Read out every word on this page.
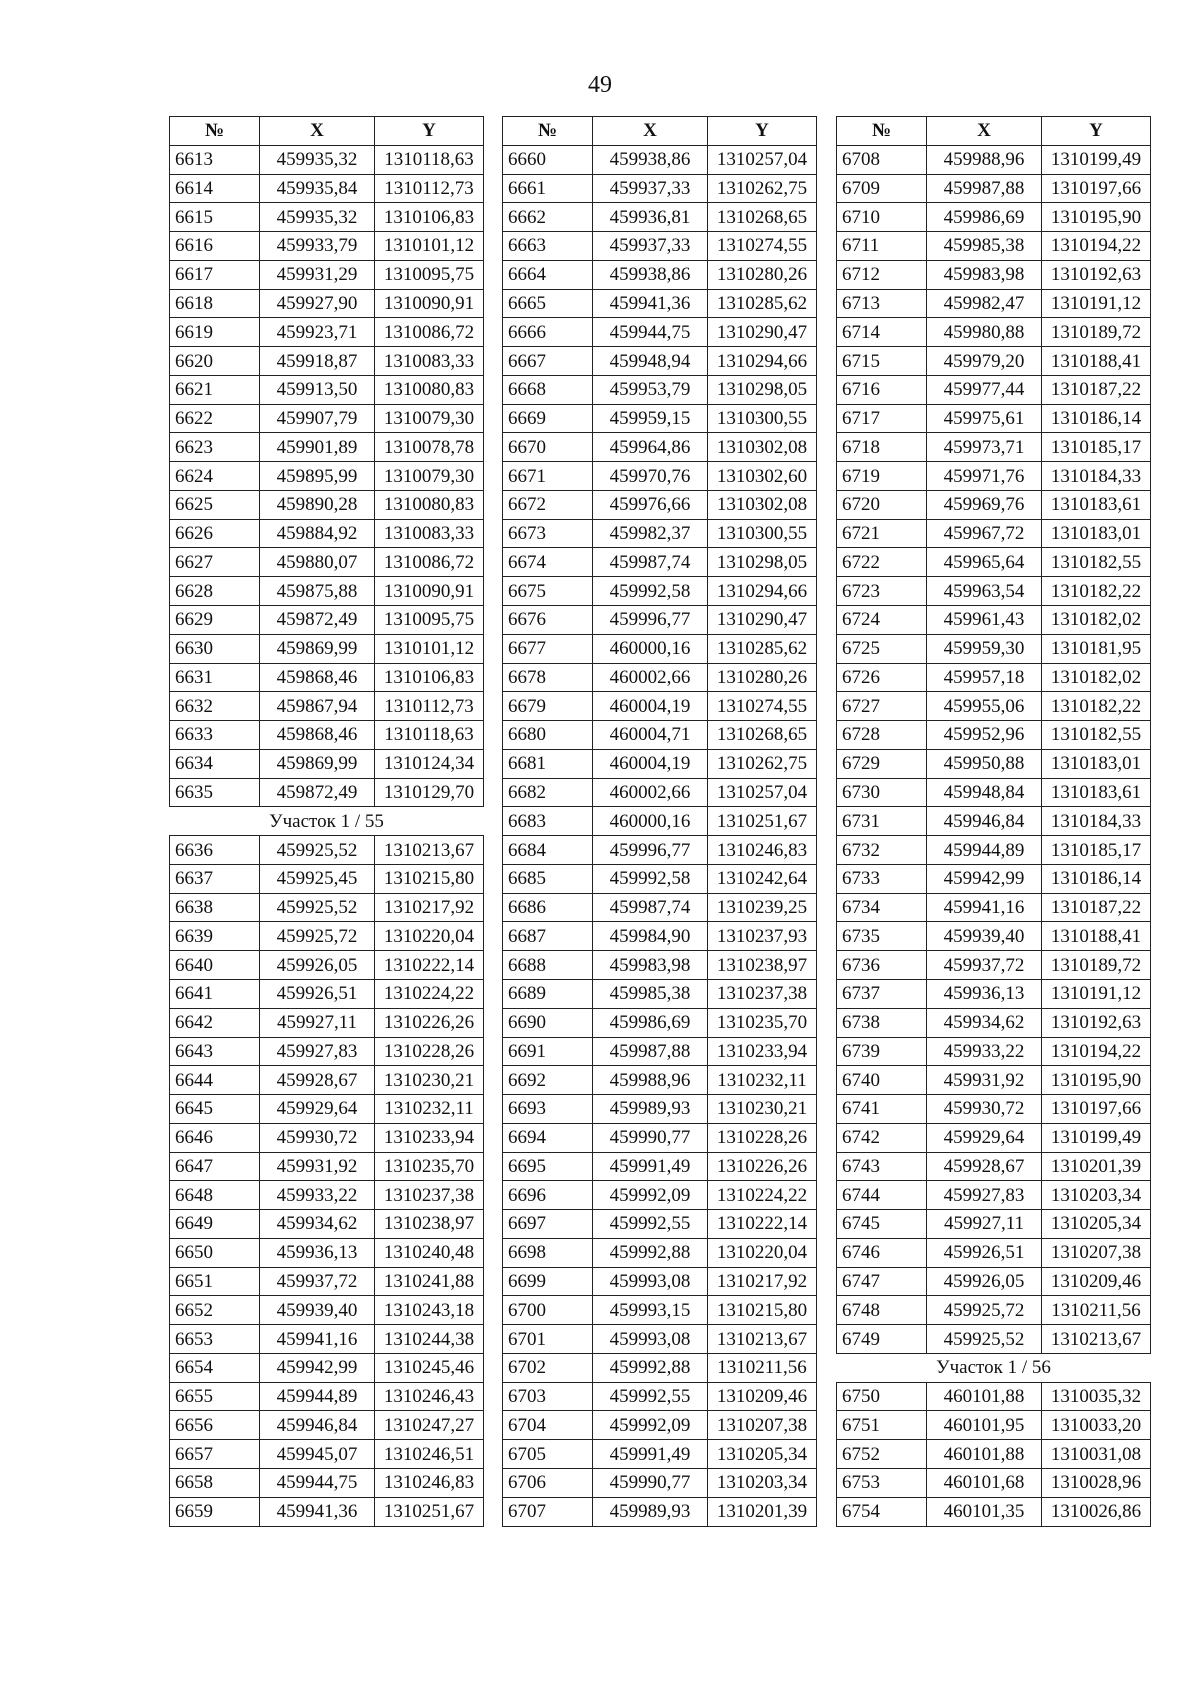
49
№	X	Y
6613	459935,32	1310118,63
6614	459935,84	1310112,73
6615	459935,32	1310106,83
6616	459933,79	1310101,12
6617	459931,29	1310095,75
6618	459927,90	1310090,91
6619	459923,71	1310086,72
6620	459918,87	1310083,33
6621	459913,50	1310080,83
6622	459907,79	1310079,30
6623	459901,89	1310078,78
6624	459895,99	1310079,30
6625	459890,28	1310080,83
6626	459884,92	1310083,33
6627	459880,07	1310086,72
6628	459875,88	1310090,91
6629	459872,49	1310095,75
6630	459869,99	1310101,12
6631	459868,46	1310106,83
6632	459867,94	1310112,73
6633	459868,46	1310118,63
6634	459869,99	1310124,34
6635	459872,49	1310129,70
Участок 1 / 55		
6636	459925,52	1310213,67
6637	459925,45	1310215,80
6638	459925,52	1310217,92
6639	459925,72	1310220,04
6640	459926,05	1310222,14
6641	459926,51	1310224,22
6642	459927,11	1310226,26
6643	459927,83	1310228,26
6644	459928,67	1310230,21
6645	459929,64	1310232,11
6646	459930,72	1310233,94
6647	459931,92	1310235,70
6648	459933,22	1310237,38
6649	459934,62	1310238,97
6650	459936,13	1310240,48
6651	459937,72	1310241,88
6652	459939,40	1310243,18
6653	459941,16	1310244,38
6654	459942,99	1310245,46
6655	459944,89	1310246,43
6656	459946,84	1310247,27
6657	459945,07	1310246,51
6658	459944,75	1310246,83
6659	459941,36	1310251,67
№	X	Y
6660	459938,86	1310257,04
6661	459937,33	1310262,75
6662	459936,81	1310268,65
6663	459937,33	1310274,55
6664	459938,86	1310280,26
6665	459941,36	1310285,62
6666	459944,75	1310290,47
6667	459948,94	1310294,66
6668	459953,79	1310298,05
6669	459959,15	1310300,55
6670	459964,86	1310302,08
6671	459970,76	1310302,60
6672	459976,66	1310302,08
6673	459982,37	1310300,55
6674	459987,74	1310298,05
6675	459992,58	1310294,66
6676	459996,77	1310290,47
6677	460000,16	1310285,62
6678	460002,66	1310280,26
6679	460004,19	1310274,55
6680	460004,71	1310268,65
6681	460004,19	1310262,75
6682	460002,66	1310257,04
6683	460000,16	1310251,67
6684	459996,77	1310246,83
6685	459992,58	1310242,64
6686	459987,74	1310239,25
6687	459984,90	1310237,93
6688	459983,98	1310238,97
6689	459985,38	1310237,38
6690	459986,69	1310235,70
6691	459987,88	1310233,94
6692	459988,96	1310232,11
6693	459989,93	1310230,21
6694	459990,77	1310228,26
6695	459991,49	1310226,26
6696	459992,09	1310224,22
6697	459992,55	1310222,14
6698	459992,88	1310220,04
6699	459993,08	1310217,92
6700	459993,15	1310215,80
6701	459993,08	1310213,67
6702	459992,88	1310211,56
6703	459992,55	1310209,46
6704	459992,09	1310207,38
6705	459991,49	1310205,34
6706	459990,77	1310203,34
6707	459989,93	1310201,39
№	X	Y
6708	459988,96	1310199,49
6709	459987,88	1310197,66
6710	459986,69	1310195,90
6711	459985,38	1310194,22
6712	459983,98	1310192,63
6713	459982,47	1310191,12
6714	459980,88	1310189,72
6715	459979,20	1310188,41
6716	459977,44	1310187,22
6717	459975,61	1310186,14
6718	459973,71	1310185,17
6719	459971,76	1310184,33
6720	459969,76	1310183,61
6721	459967,72	1310183,01
6722	459965,64	1310182,55
6723	459963,54	1310182,22
6724	459961,43	1310182,02
6725	459959,30	1310181,95
6726	459957,18	1310182,02
6727	459955,06	1310182,22
6728	459952,96	1310182,55
6729	459950,88	1310183,01
6730	459948,84	1310183,61
6731	459946,84	1310184,33
6732	459944,89	1310185,17
6733	459942,99	1310186,14
6734	459941,16	1310187,22
6735	459939,40	1310188,41
6736	459937,72	1310189,72
6737	459936,13	1310191,12
6738	459934,62	1310192,63
6739	459933,22	1310194,22
6740	459931,92	1310195,90
6741	459930,72	1310197,66
6742	459929,64	1310199,49
6743	459928,67	1310201,39
6744	459927,83	1310203,34
6745	459927,11	1310205,34
6746	459926,51	1310207,38
6747	459926,05	1310209,46
6748	459925,72	1310211,56
6749	459925,52	1310213,67
Участок 1 / 56		
6750	460101,88	1310035,32
6751	460101,95	1310033,20
6752	460101,88	1310031,08
6753	460101,68	1310028,96
6754	460101,35	1310026,86
